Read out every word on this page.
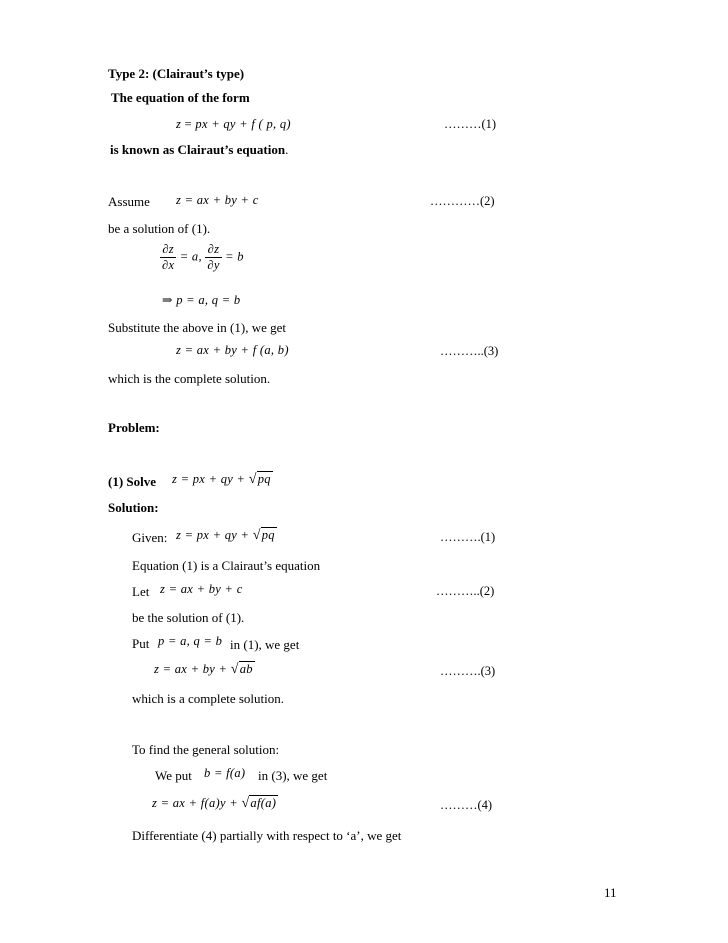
Type 2: (Clairaut’s type)
The equation of the form
z = px + qy + f ( p, q)	………(1)
is known as Clairaut’s equation.
Assume z = ax + by + c	…………(2)
be a solution of (1).
$\frac{\partial z}{\partial x} = a$, $\frac{\partial z}{\partial y} = b$
⇒ p = a, q = b
Substitute the above in (1), we get
z = ax + by + f (a, b)	………..(3)
which is the complete solution.
Problem:
(1) Solve z = px + qy + √pq
Solution:
Given: z = px + qy + √pq	……….(1)
Equation (1) is a Clairaut’s equation
Let z = ax + by + c	………..(2)
be the solution of (1).
Put p = a, q = b in (1), we get
z = ax + by + √ab	……….(3)
which is a complete solution.
To find the general solution:
We put b = f(a) in (3), we get
z = ax + f(a)y + √af(a)	………(4)
Differentiate (4) partially with respect to ‘a’, we get
11
